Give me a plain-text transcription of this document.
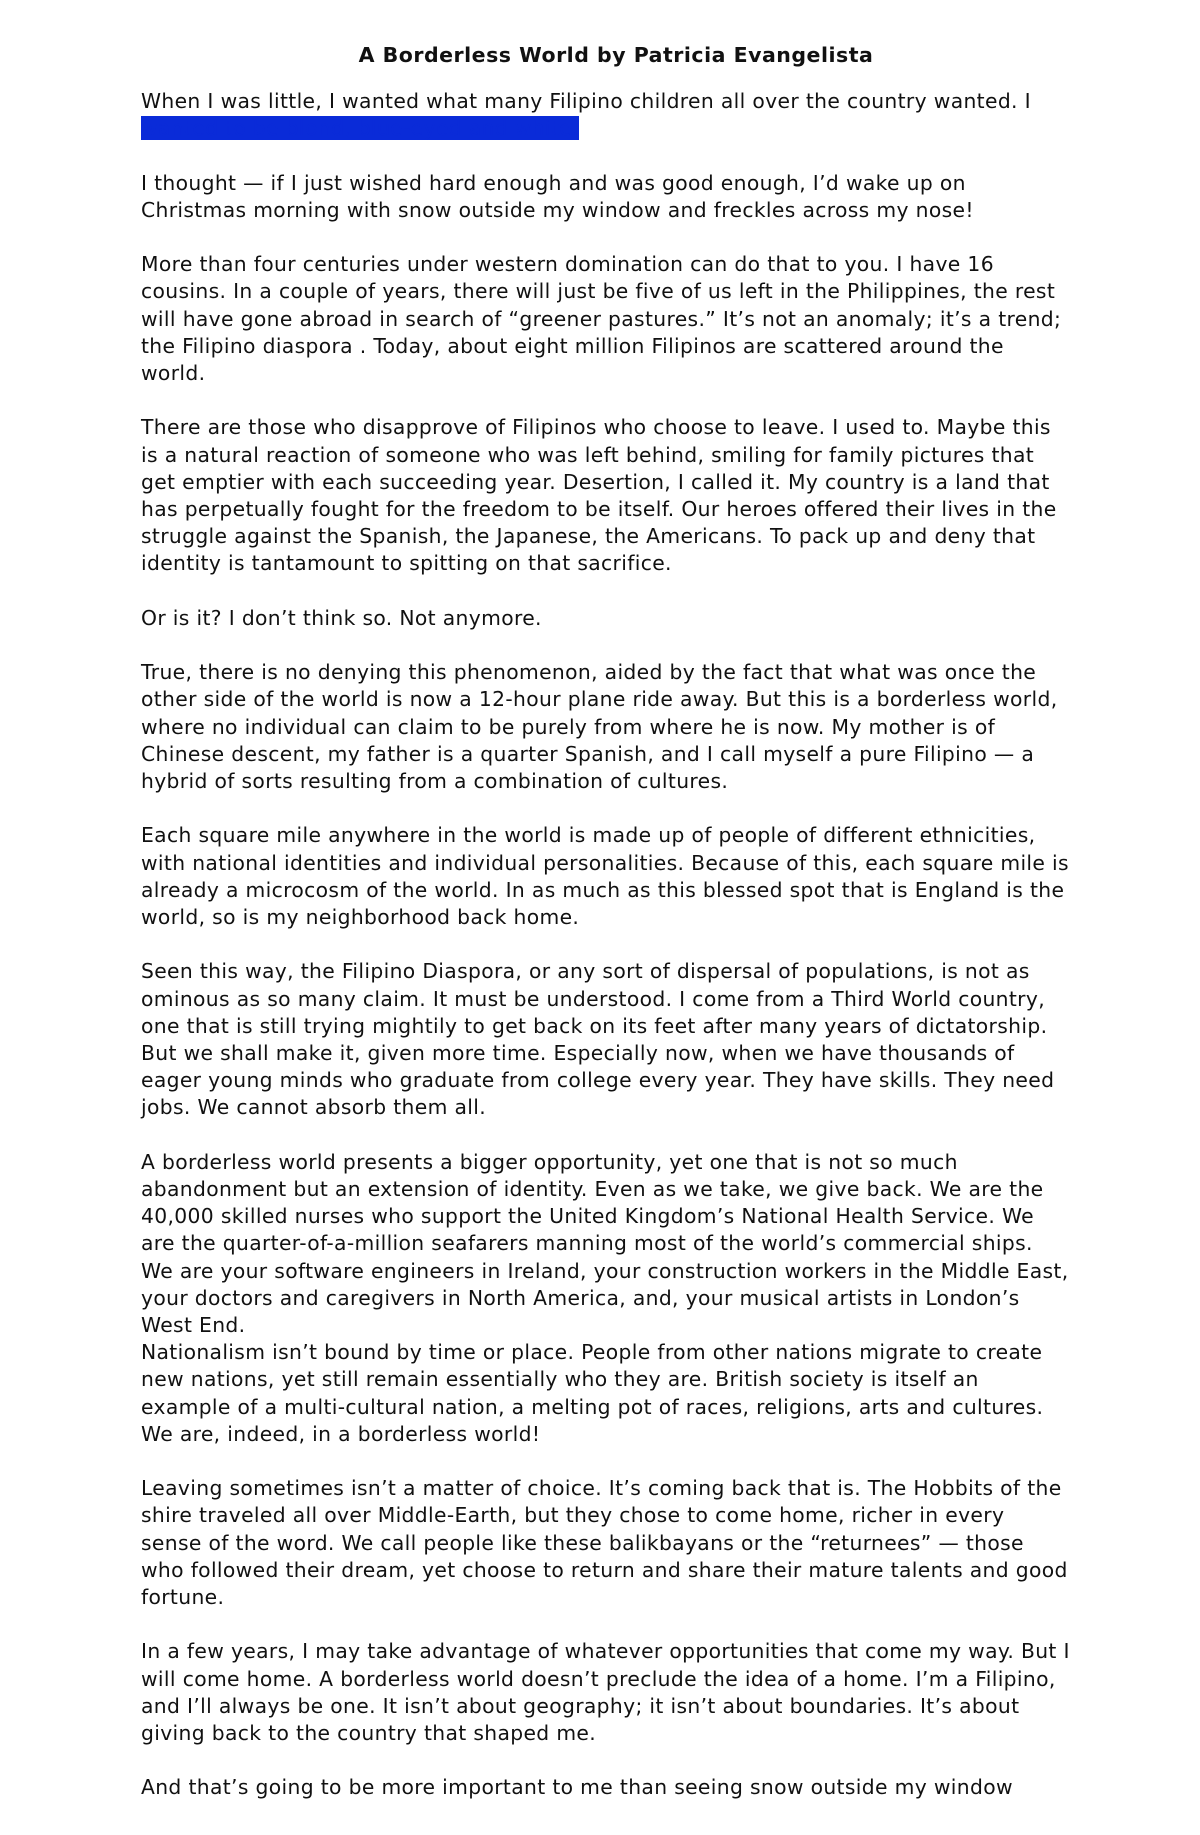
A Borderless World by Patricia Evangelista

When I was little, I wanted what many Filipino children all over the country wanted. I wanted to be blond, blue-eyed and white.

I thought — if I just wished hard enough and was good enough, I’d wake up on Christmas morning with snow outside my window and freckles across my nose!

More than four centuries under western domination can do that to you. I have 16 cousins. In a couple of years, there will just be five of us left in the Philippines, the rest will have gone abroad in search of “greener pastures.” It’s not an anomaly; it’s a trend; the Filipino diaspora . Today, about eight million Filipinos are scattered around the world.

There are those who disapprove of Filipinos who choose to leave. I used to. Maybe this is a natural reaction of someone who was left behind, smiling for family pictures that get emptier with each succeeding year. Desertion, I called it. My country is a land that has perpetually fought for the freedom to be itself. Our heroes offered their lives in the struggle against the Spanish, the Japanese, the Americans. To pack up and deny that identity is tantamount to spitting on that sacrifice.

Or is it? I don’t think so. Not anymore.

True, there is no denying this phenomenon, aided by the fact that what was once the other side of the world is now a 12-hour plane ride away. But this is a borderless world, where no individual can claim to be purely from where he is now. My mother is of Chinese descent, my father is a quarter Spanish, and I call myself a pure Filipino — a hybrid of sorts resulting from a combination of cultures.

Each square mile anywhere in the world is made up of people of different ethnicities, with national identities and individual personalities. Because of this, each square mile is already a microcosm of the world. In as much as this blessed spot that is England is the world, so is my neighborhood back home.

Seen this way, the Filipino Diaspora, or any sort of dispersal of populations, is not as ominous as so many claim. It must be understood. I come from a Third World country, one that is still trying mightily to get back on its feet after many years of dictatorship. But we shall make it, given more time. Especially now, when we have thousands of eager young minds who graduate from college every year. They have skills. They need jobs. We cannot absorb them all.

A borderless world presents a bigger opportunity, yet one that is not so much abandonment but an extension of identity. Even as we take, we give back. We are the 40,000 skilled nurses who support the United Kingdom’s National Health Service. We are the quarter-of-a-million seafarers manning most of the world’s commercial ships. We are your software engineers in Ireland, your construction workers in the Middle East, your doctors and caregivers in North America, and, your musical artists in London’s West End.

Nationalism isn’t bound by time or place. People from other nations migrate to create new nations, yet still remain essentially who they are. British society is itself an example of a multi-cultural nation, a melting pot of races, religions, arts and cultures. We are, indeed, in a borderless world!

Leaving sometimes isn’t a matter of choice. It’s coming back that is. The Hobbits of the shire traveled all over Middle-Earth, but they chose to come home, richer in every sense of the word. We call people like these balikbayans or the “returnees” — those who followed their dream, yet choose to return and share their mature talents and good fortune.

In a few years, I may take advantage of whatever opportunities that come my way. But I will come home. A borderless world doesn’t preclude the idea of a home. I’m a Filipino, and I’ll always be one. It isn’t about geography; it isn’t about boundaries. It’s about giving back to the country that shaped me.

And that’s going to be more important to me than seeing snow outside my window
